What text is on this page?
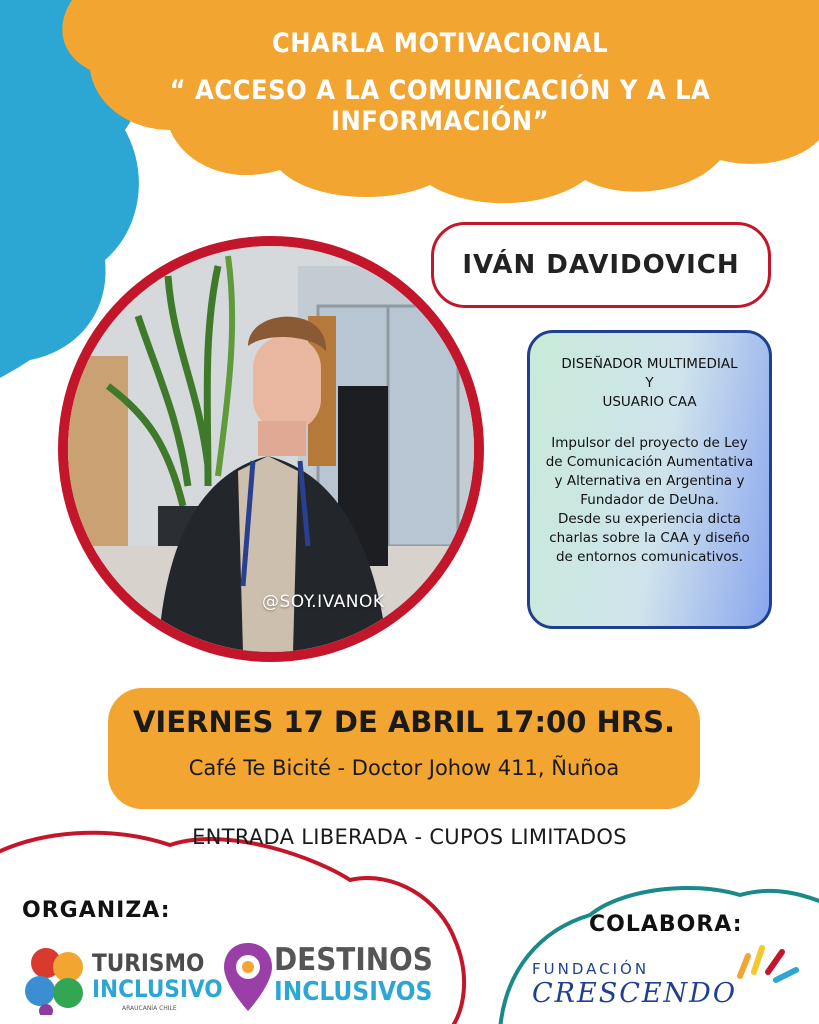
CHARLA MOTIVACIONAL
“ ACCESO A LA COMUNICACIÓN Y A LA INFORMACIÓN”
@SOY.IVANOK
IVÁN DAVIDOVICH
DISEÑADOR MULTIMEDIAL
Y
USUARIO CAA
Impulsor del proyecto de Ley
de Comunicación Aumentativa
y Alternativa en Argentina y
Fundador de DeUna.
Desde su experiencia dicta
charlas sobre la CAA y diseño
de entornos comunicativos.
VIERNES 17 DE ABRIL 17:00 HRS.
Café Te Bicité - Doctor Johow 411, Ñuñoa
ENTRADA LIBERADA - CUPOS LIMITADOS
ORGANIZA:
COLABORA:
TURISMO
INCLUSIVO
ARAUCANÍA CHILE
DESTINOS
INCLUSIVOS
FUNDACIÓN
CRESCENDO
